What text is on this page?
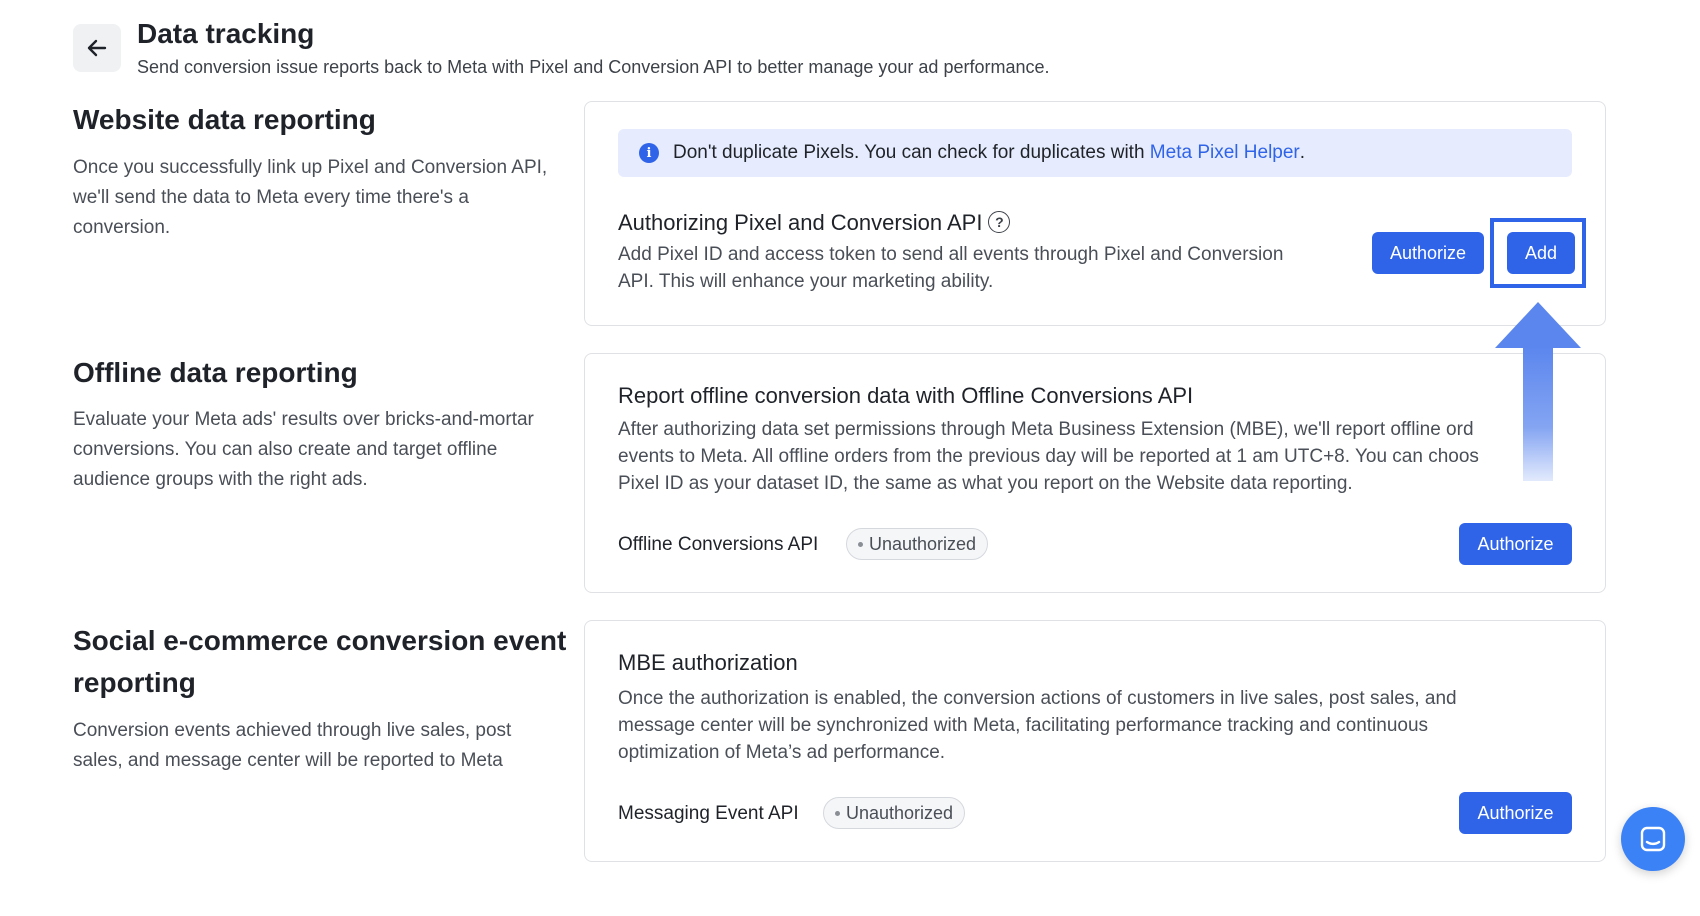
Data tracking
Send conversion issue reports back to Meta with Pixel and Conversion API to better manage your ad performance.
Website data reporting
Once you successfully link up Pixel and Conversion API, we'll send the data to Meta every time there's a conversion.
i	Don't duplicate Pixels. You can check for duplicates with Meta Pixel Helper .
Authorizing Pixel and Conversion API ?
Add Pixel ID and access token to send all events through Pixel and Conversion
API. This will enhance your marketing ability.
Authorize	Add
Offline data reporting
Evaluate your Meta ads' results over bricks-and-mortar conversions. You can also create and target offline audience groups with the right ads.
Report offline conversion data with Offline Conversions API
After authorizing data set permissions through Meta Business Extension (MBE), we'll report offline ord
events to Meta. All offline orders from the previous day will be reported at 1 am UTC+8. You can choos
Pixel ID as your dataset ID, the same as what you report on the Website data reporting.
Offline Conversions API	Unauthorized	Authorize
Social e-commerce conversion event
reporting
Conversion events achieved through live sales, post sales, and message center will be reported to Meta
MBE authorization
Once the authorization is enabled, the conversion actions of customers in live sales, post sales, and
message center will be synchronized with Meta, facilitating performance tracking and continuous
optimization of Meta’s ad performance.
Messaging Event API	Unauthorized	Authorize
